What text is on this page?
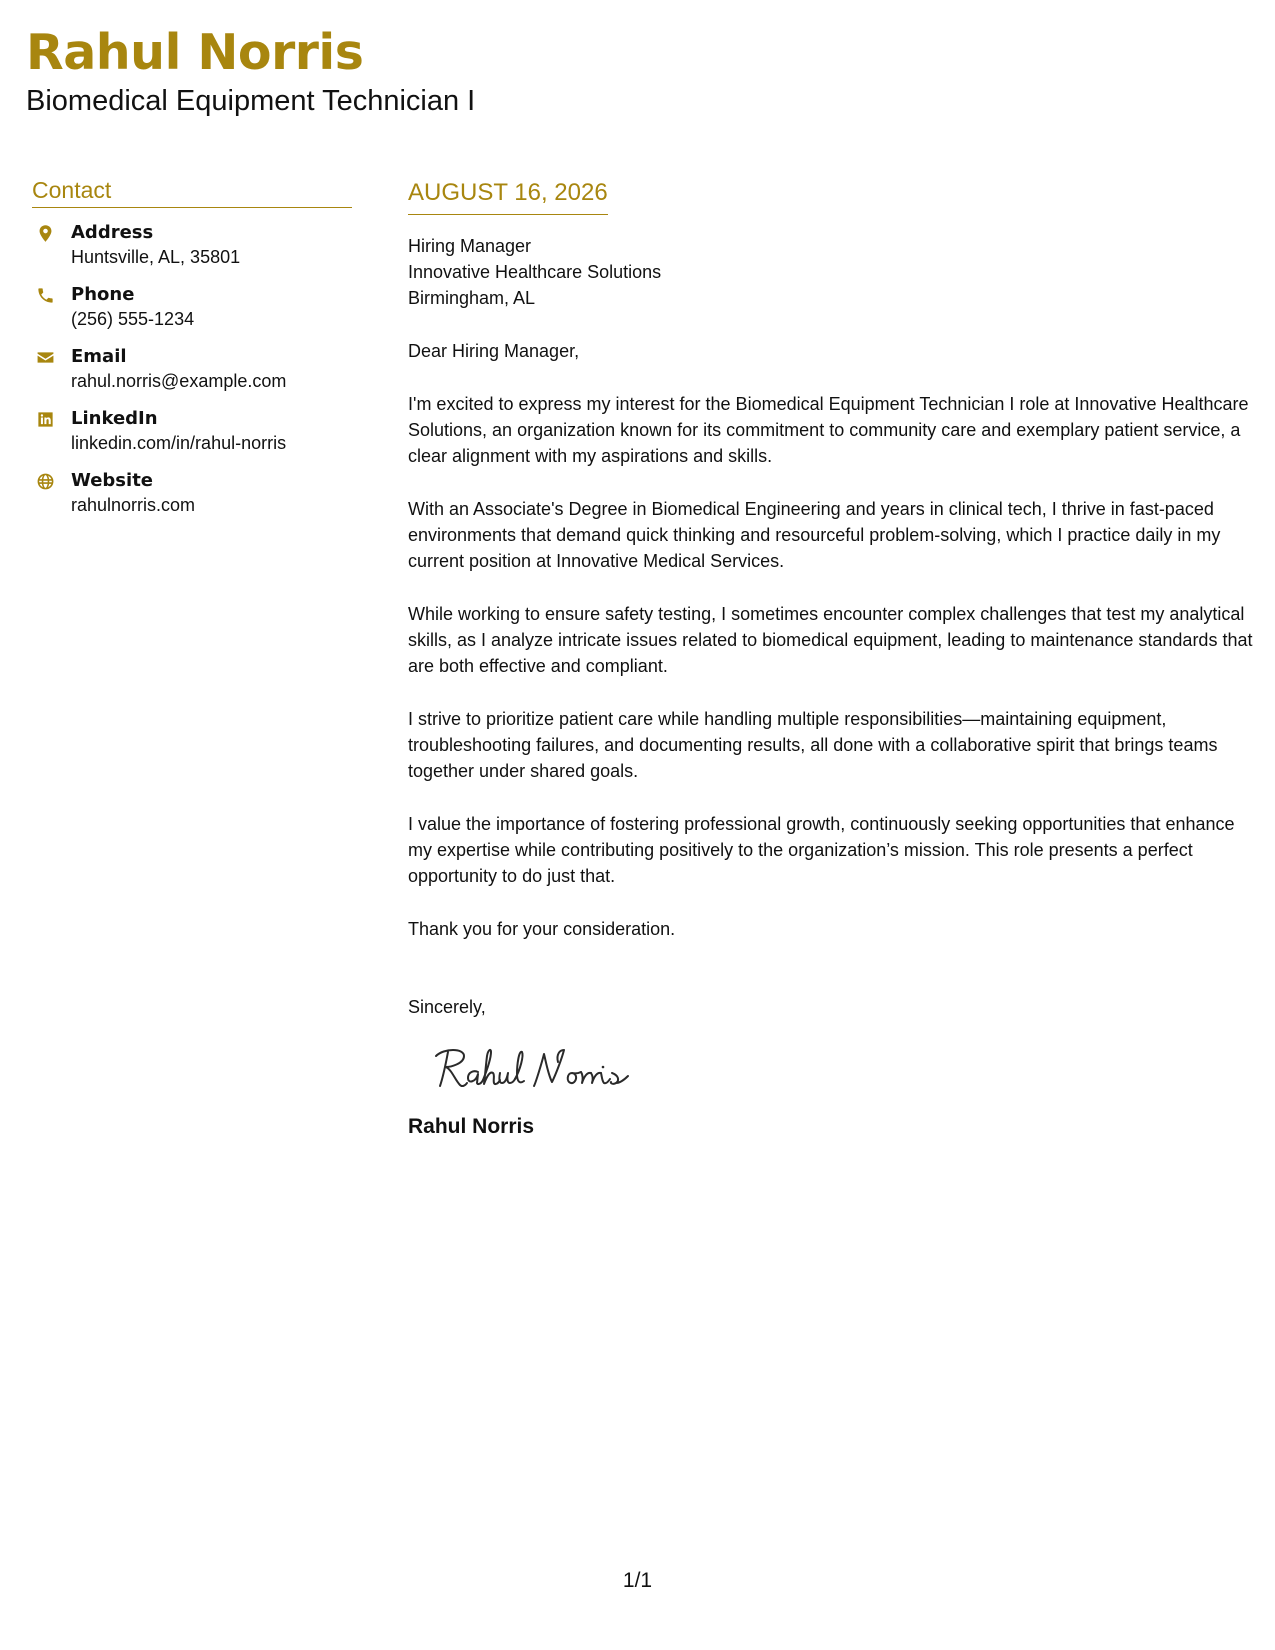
Rahul Norris
Biomedical Equipment Technician I
Contact
Address
Huntsville, AL, 35801
Phone
(256) 555-1234
Email
rahul.norris@example.com
LinkedIn
linkedin.com/in/rahul-norris
Website
rahulnorris.com
AUGUST 16, 2026
Hiring Manager
Innovative Healthcare Solutions
Birmingham, AL
Dear Hiring Manager,

I'm excited to express my interest for the Biomedical Equipment Technician I role at Innovative Healthcare Solutions, an organization known for its commitment to community care and exemplary patient service, a clear alignment with my aspirations and skills.

With an Associate's Degree in Biomedical Engineering and years in clinical tech, I thrive in fast-paced environments that demand quick thinking and resourceful problem-solving, which I practice daily in my current position at Innovative Medical Services.

While working to ensure safety testing, I sometimes encounter complex challenges that test my analytical skills, as I analyze intricate issues related to biomedical equipment, leading to maintenance standards that are both effective and compliant.

I strive to prioritize patient care while handling multiple responsibilities—maintaining equipment, troubleshooting failures, and documenting results, all done with a collaborative spirit that brings teams together under shared goals.

I value the importance of fostering professional growth, continuously seeking opportunities that enhance my expertise while contributing positively to the organization’s mission. This role presents a perfect opportunity to do just that.

Thank you for your consideration.
Sincerely,
Rahul Norris
1/1
